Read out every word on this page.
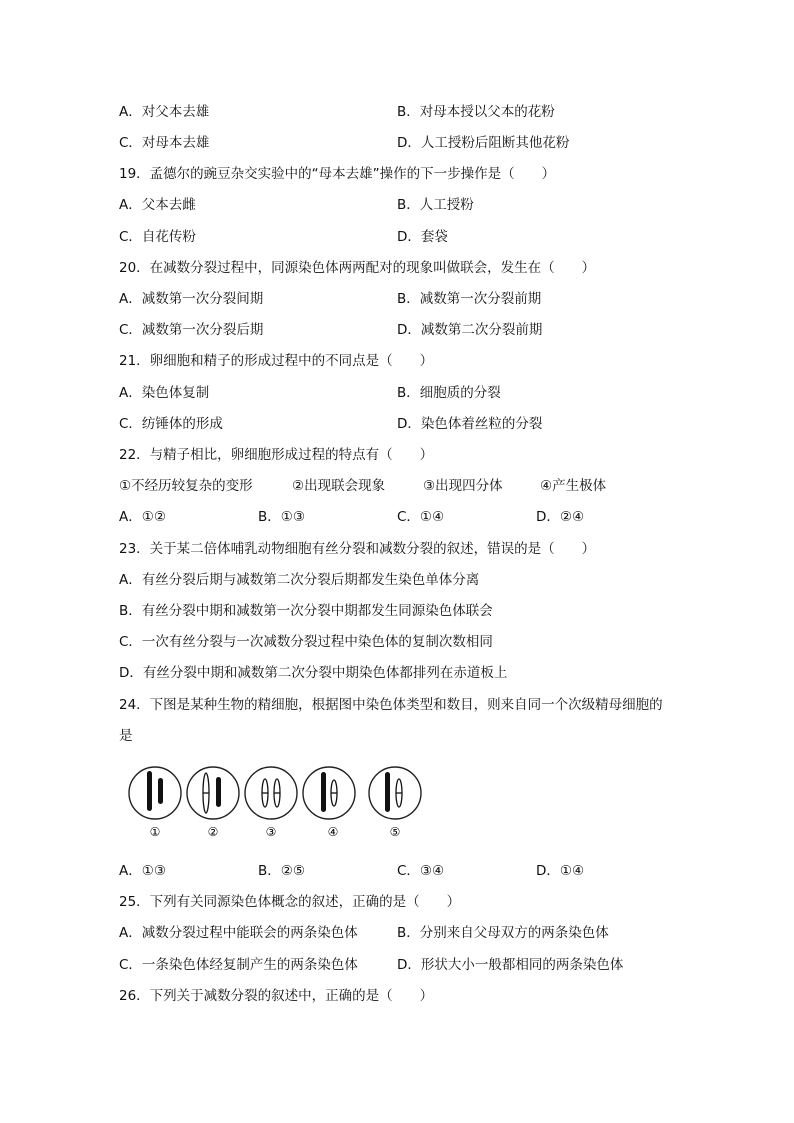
A．对父本去雄	B．对母本授以父本的花粉
C．对母本去雄	D．人工授粉后阻断其他花粉
19．孟德尔的豌豆杂交实验中的“母本去雄”操作的下一步操作是（　　）
A．父本去雌	B．人工授粉
C．自花传粉	D．套袋
20．在减数分裂过程中，同源染色体两两配对的现象叫做联会，发生在（　　）
A．减数第一次分裂间期	B．减数第一次分裂前期
C．减数第一次分裂后期	D．减数第二次分裂前期
21．卵细胞和精子的形成过程中的不同点是（　　）
A．染色体复制	B．细胞质的分裂
C．纺锤体的形成	D．染色体着丝粒的分裂
22．与精子相比，卵细胞形成过程的特点有（　　）
①不经历较复杂的变形	②出现联会现象	③出现四分体	④产生极体
A．①②	B．①③	C．①④	D．②④
23．关于某二倍体哺乳动物细胞有丝分裂和减数分裂的叙述，错误的是（　　）
A．有丝分裂后期与减数第二次分裂后期都发生染色单体分离
B．有丝分裂中期和减数第一次分裂中期都发生同源染色体联会
C．一次有丝分裂与一次减数分裂过程中染色体的复制次数相同
D．有丝分裂中期和减数第二次分裂中期染色体都排列在赤道板上
24．下图是某种生物的精细胞，根据图中染色体类型和数目，则来自同一个次级精母细胞的
是
A．①③	B．②⑤	C．③④	D．①④
25．下列有关同源染色体概念的叙述，正确的是（　　）
A．减数分裂过程中能联会的两条染色体	B．分别来自父母双方的两条染色体
C．一条染色体经复制产生的两条染色体	D．形状大小一般都相同的两条染色体
26．下列关于减数分裂的叙述中，正确的是（　　）
①	②	③	④	⑤
